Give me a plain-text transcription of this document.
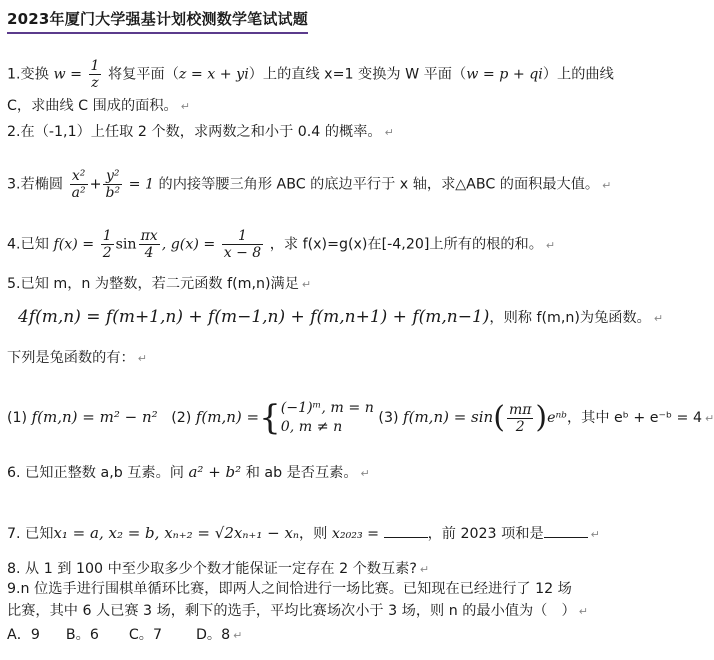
2023年厦门大学强基计划校测数学笔试试题
1.变换 $w = \frac{1}{z}$ 将复平面（z = x + yi）上的直线 x=1 变换为 W 平面（w = p + qi）上的曲线
C，求曲线 C 围成的面积。 ↵
2.在（-1,1）上任取 2 个数，求两数之和小于 0.4 的概率。 ↵
3.若椭圆 $\frac{\text{x²}}{\text{a²}} + \frac{\text{y²}}{\text{b²}} = 1$ 的内接等腰三角形 ABC 的底边平行于 x 轴，求△ABC 的面积最大值。 ↵
4.已知 $f(x) = \frac{1}{2}$ $\sin \frac{\pi x}{4}$ , $g(x) = \frac{1}{x - 8}$ ，求 f(x)=g(x)在[-4,20]上所有的根的和。 ↵
5.已知 m，n 为整数，若二元函数 f(m,n)满足 ↵
4f(m,n) = f(m+1,n) + f(m−1,n) + f(m,n+1) + f(m,n−1)，则称 f(m,n)为兔函数。 ↵
下列是兔函数的有： ↵
(1) f(m,n) = m² − n² (2) f(m,n) ={ (−1)ᵐ, m = n
0, m ≠ n
(3) $f(m,n) = \sin( \frac{m\pi}{2}$ )eⁿᵇ，其中 eᵇ + e⁻ᵇ = 4 ↵
6. 已知正整数 a,b 互素。问 a² + b² 和 ab 是否互素。 ↵
7. 已知x₁ = a, x₂ = b, xₙ₊₂ = √2xₙ₊₁ − xₙ，则 x₂₀₂₃ =	，前 2023 项和是	↵
8. 从 1 到 100 中至少取多少个数才能保证一定存在 2 个数互素? ↵
9.n 位选手进行围棋单循环比赛，即两人之间恰进行一场比赛。已知现在已经进行了 12 场
比赛，其中 6 人已赛 3 场，剩下的选手，平均比赛场次小于 3 场，则 n 的最小值为（　） ↵
A．9 B。6 C。7 D。8 ↵
